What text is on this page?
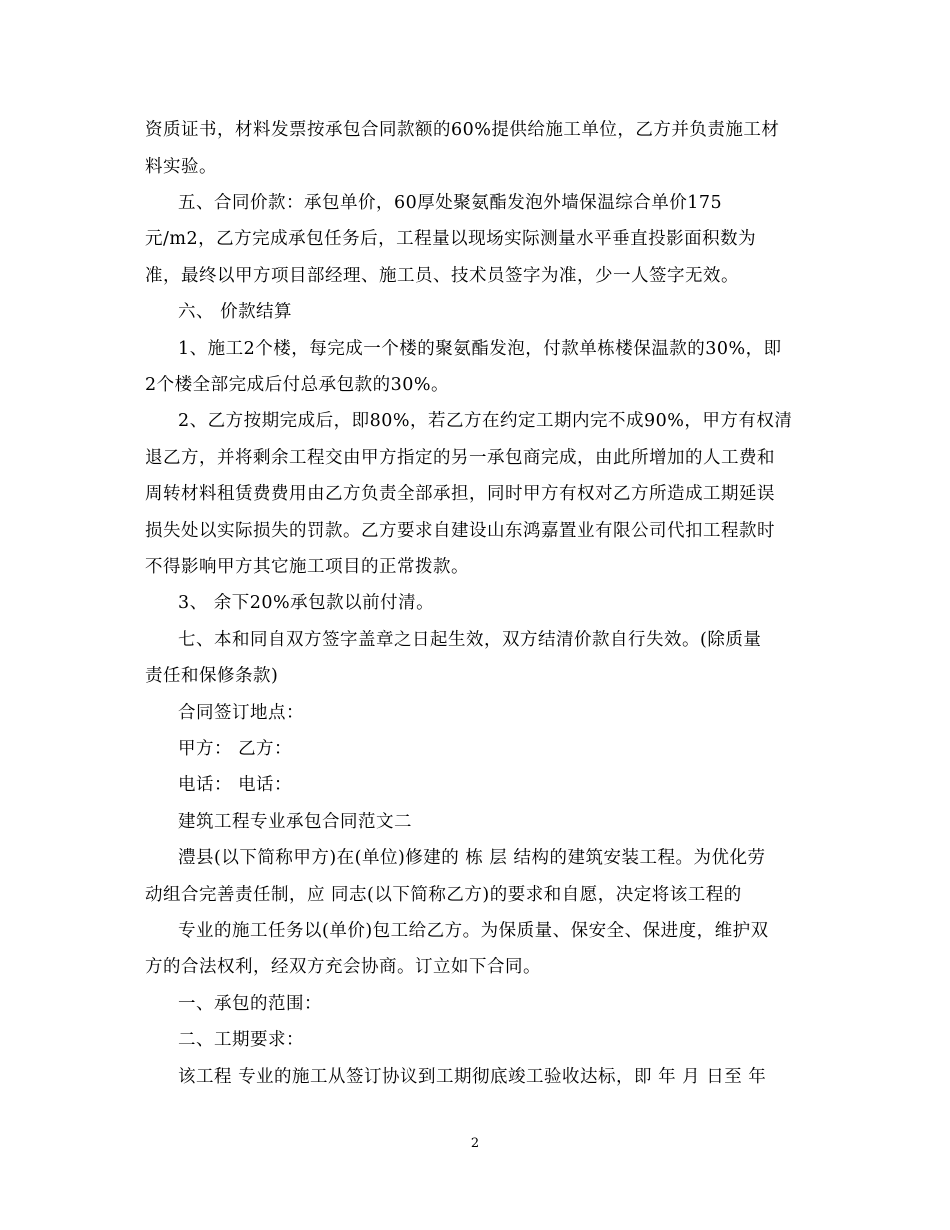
资质证书，材料发票按承包合同款额的60%提供给施工单位，乙方并负责施工材
料实验。
五、合同价款：承包单价，60厚处聚氨酯发泡外墙保温综合单价175
元/m2，乙方完成承包任务后，工程量以现场实际测量水平垂直投影面积数为
准，最终以甲方项目部经理、施工员、技术员签字为准，少一人签字无效。
六、 价款结算
1、施工2个楼，每完成一个楼的聚氨酯发泡，付款单栋楼保温款的30%，即
2个楼全部完成后付总承包款的30%。
2、乙方按期完成后，即80%，若乙方在约定工期内完不成90%，甲方有权清
退乙方，并将剩余工程交由甲方指定的另一承包商完成，由此所增加的人工费和
周转材料租赁费费用由乙方负责全部承担，同时甲方有权对乙方所造成工期延误
损失处以实际损失的罚款。乙方要求自建设山东鸿嘉置业有限公司代扣工程款时
不得影响甲方其它施工项目的正常拨款。
3、 余下20%承包款以前付清。
七、本和同自双方签字盖章之日起生效，双方结清价款自行失效。(除质量
责任和保修条款)
合同签订地点：
甲方： 乙方：
电话： 电话：
建筑工程专业承包合同范文二
澧县(以下简称甲方)在(单位)修建的 栋 层 结构的建筑安装工程。为优化劳
动组合完善责任制，应 同志(以下简称乙方)的要求和自愿，决定将该工程的
专业的施工任务以(单价)包工给乙方。为保质量、保安全、保进度，维护双
方的合法权利，经双方充会协商。订立如下合同。
一、承包的范围：
二、工期要求：
该工程 专业的施工从签订协议到工期彻底竣工验收达标，即 年 月 日至 年
2
